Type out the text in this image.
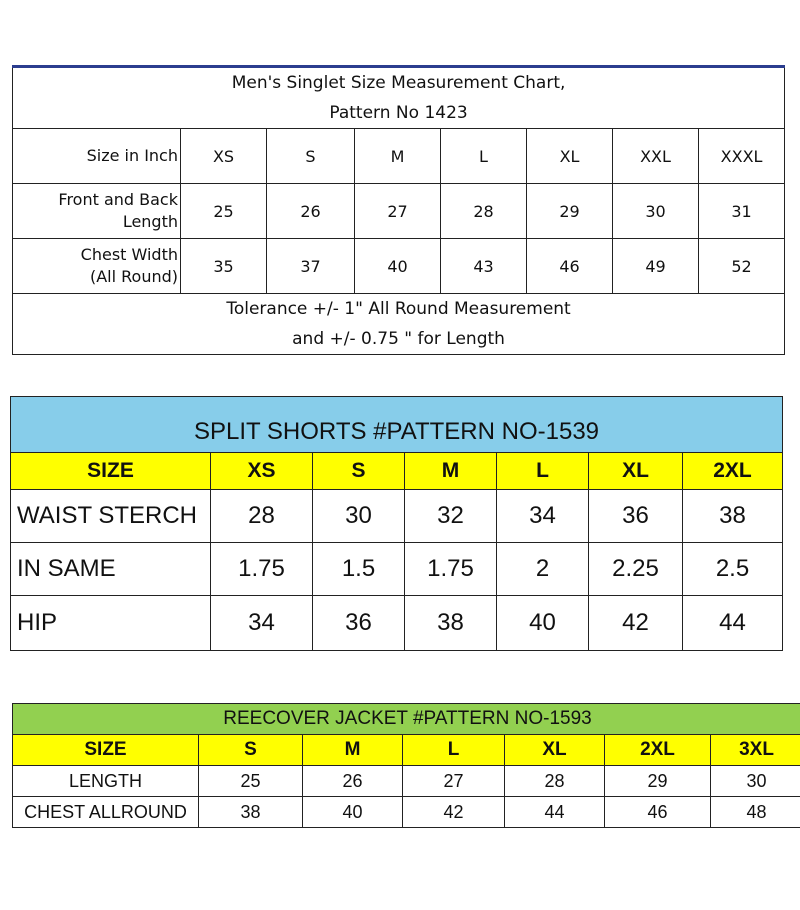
Men's Singlet Size Measurement Chart,
Pattern No 1423							

Size in Inch	XS	S	M	L	XL	XXL	XXXL

Front and Back
Length	25	26	27	28	29	30	31

Chest Width
(All Round)	35	37	40	43	46	49	52

Tolerance +/- 1" All Round Measurement
and +/- 0.75 " for Length							
SPLIT SHORTS #PATTERN NO-1539						
SIZE	XS	S	M	L	XL	2XL
WAIST STERCH	28	30	32	34	36	38
IN SAME	1.75	1.5	1.75	2	2.25	2.5
HIP	34	36	38	40	42	44
REECOVER JACKET #PATTERN NO-1593						
SIZE	S	M	L	XL	2XL	3XL
LENGTH	25	26	27	28	29	30
CHEST ALLROUND	38	40	42	44	46	48
